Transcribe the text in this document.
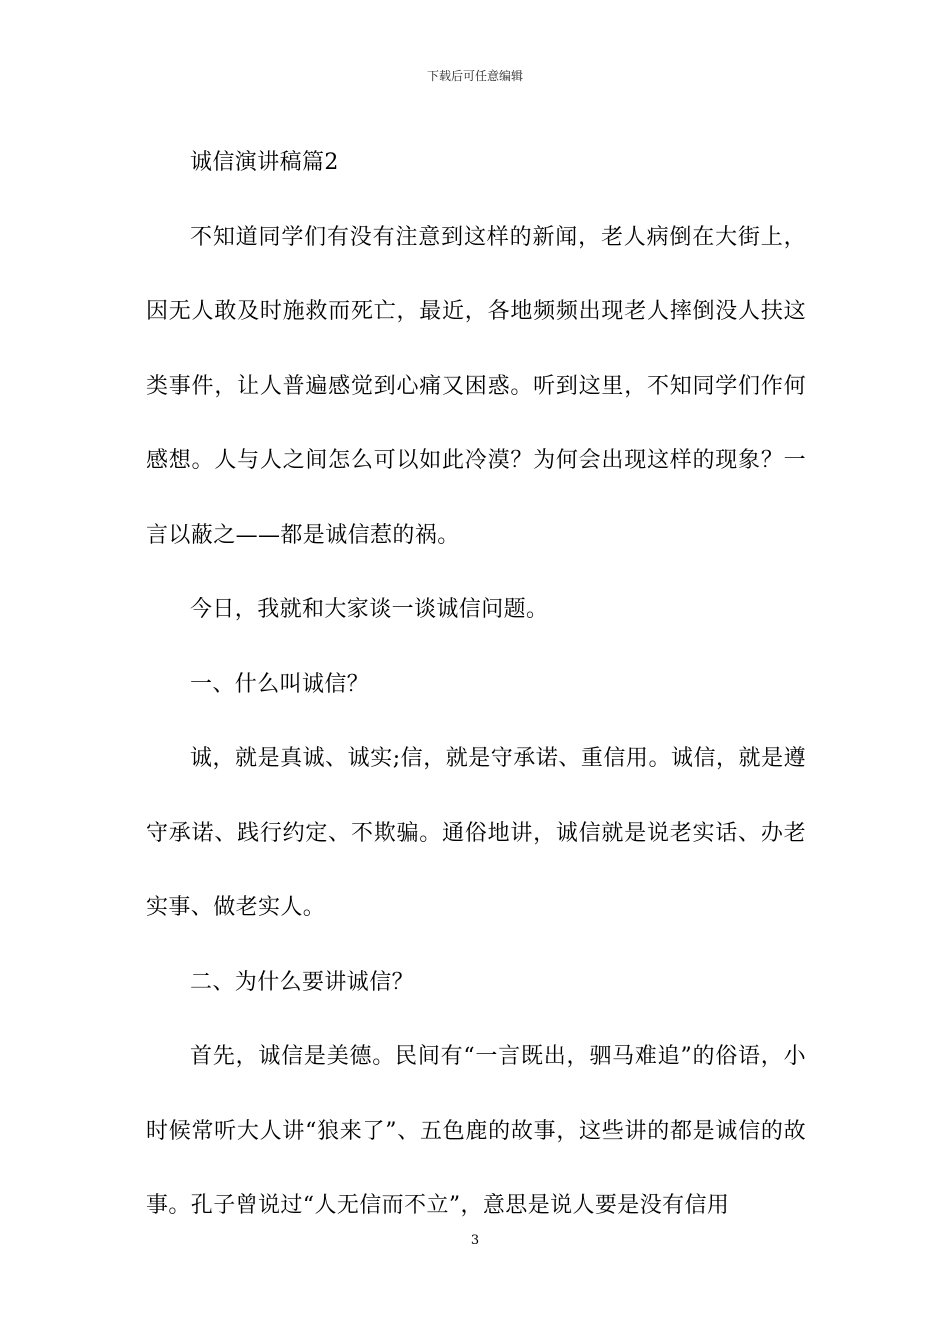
下载后可任意编辑

诚信演讲稿篇2

不知道同学们有没有注意到这样的新闻，老人病倒在大街上，因无人敢及时施救而死亡，最近，各地频频出现老人摔倒没人扶这类事件，让人普遍感觉到心痛又困惑。听到这里，不知同学们作何感想。人与人之间怎么可以如此冷漠？为何会出现这样的现象？一言以蔽之——都是诚信惹的祸。

今日，我就和大家谈一谈诚信问题。

一、什么叫诚信？

诚，就是真诚、诚实;信，就是守承诺、重信用。诚信，就是遵守承诺、践行约定、不欺骗。通俗地讲，诚信就是说老实话、办老实事、做老实人。

二、为什么要讲诚信？

首先，诚信是美德。民间有“一言既出，驷马难追”的俗语，小时候常听大人讲“狼来了”、五色鹿的故事，这些讲的都是诚信的故事。孔子曾说过“人无信而不立”，意思是说人要是没有信用

3
